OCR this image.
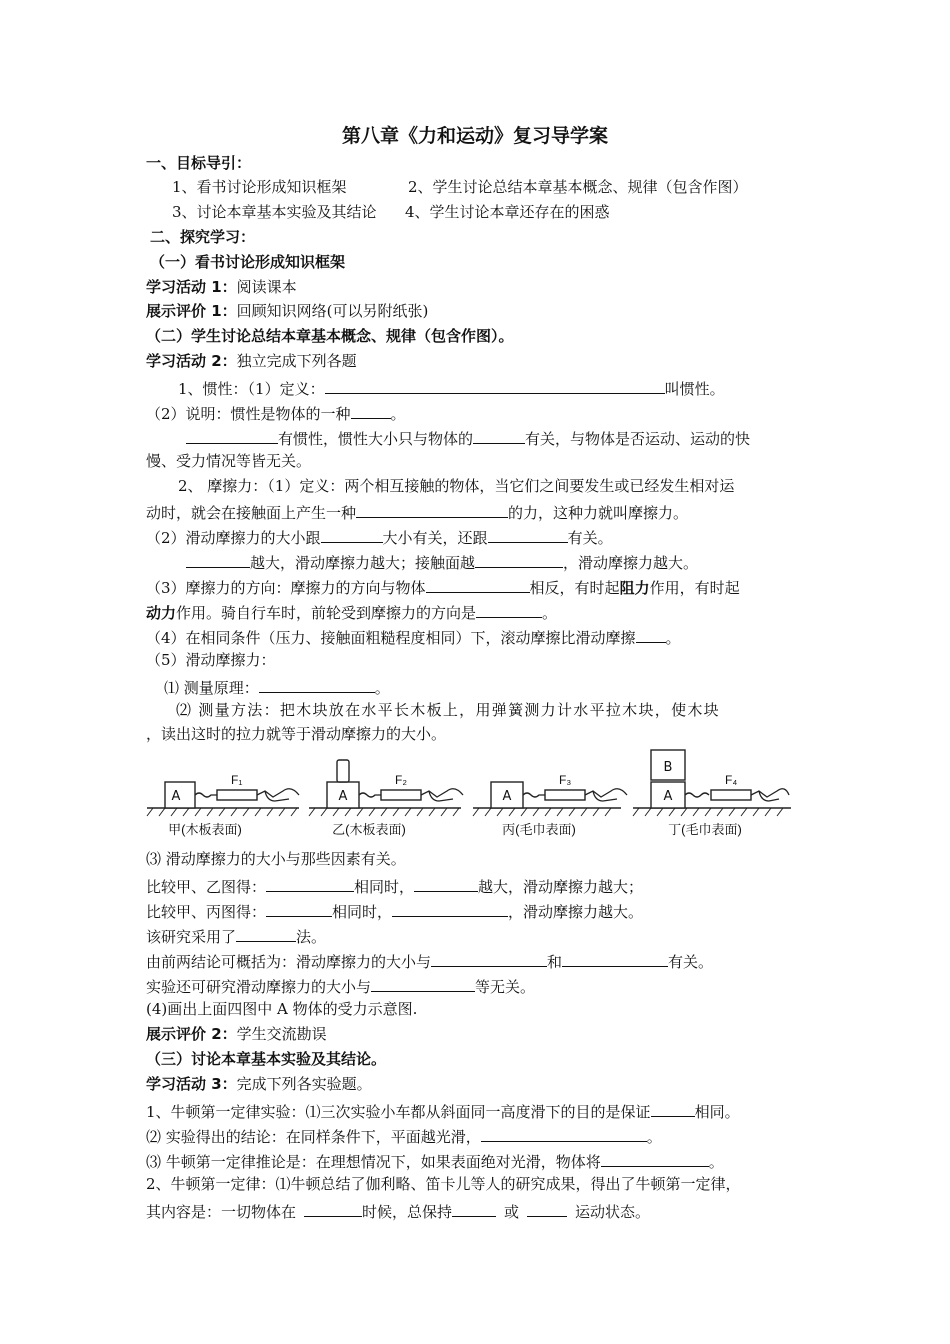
第八章《力和运动》复习导学案
一、目标导引：
1、看书讨论形成知识框架	2、学生讨论总结本章基本概念、规律（包含作图）
3、讨论本章基本实验及其结论 4、学生讨论本章还存在的困惑
二、探究学习：
（一）看书讨论形成知识框架
学习活动 1：阅读课本
展示评价 1：回顾知识网络(可以另附纸张)
（二）学生讨论总结本章基本概念、规律（包含作图）。
学习活动 2：独立完成下列各题
1、惯性：（1）定义：	叫惯性。
（2）说明：惯性是物体的一种	。
有惯性，惯性大小只与物体的	有关，与物体是否运动、运动的快
慢、受力情况等皆无关。
2、 摩擦力：（1）定义：两个相互接触的物体，当它们之间要发生或已经发生相对运
动时，就会在接触面上产生一种	的力，这种力就叫摩擦力。
（2）滑动摩擦力的大小跟	大小有关，还跟	有关。
越大，滑动摩擦力越大；接触面越	，滑动摩擦力越大。
（3）摩擦力的方向：摩擦力的方向与物体	相反，有时起阻力作用，有时起
动力作用。骑自行车时，前轮受到摩擦力的方向是	。
（4）在相同条件（压力、接触面粗糙程度相同）下，滚动摩擦比滑动摩擦 。
（5）滑动摩擦力：
⑴ 测量原理：	。
⑵ 测量方法：把木块放在水平长木板上，用弹簧测力计水平拉木块，使木块
，读出这时的拉力就等于滑动摩擦力的大小。
A	A	A	A
B
F₁	F₂	F₃	F₄
甲(木板表面)	乙(木板表面)	丙(毛巾表面)	丁(毛巾表面)
⑶ 滑动摩擦力的大小与那些因素有关。
比较甲、乙图得：	相同时，	越大，滑动摩擦力越大；
比较甲、丙图得：	相同时，	，滑动摩擦力越大。
该研究采用了	法。
由前两结论可概括为：滑动摩擦力的大小与	和	有关。
实验还可研究滑动摩擦力的大小与	等无关。
(4)画出上面四图中 A 物体的受力示意图.
展示评价 2：学生交流勘误
（三）讨论本章基本实验及其结论。
学习活动 3：完成下列各实验题。
1、牛顿第一定律实验：⑴三次实验小车都从斜面同一高度滑下的目的是保证	相同。
⑵ 实验得出的结论：在同样条件下，平面越光滑，	。
⑶ 牛顿第一定律推论是：在理想情况下，如果表面绝对光滑，物体将	。
2、牛顿第一定律：⑴牛顿总结了伽利略、笛卡儿等人的研究成果，得出了牛顿第一定律，
其内容是：一切物体在	时候，总保持	或	运动状态。
